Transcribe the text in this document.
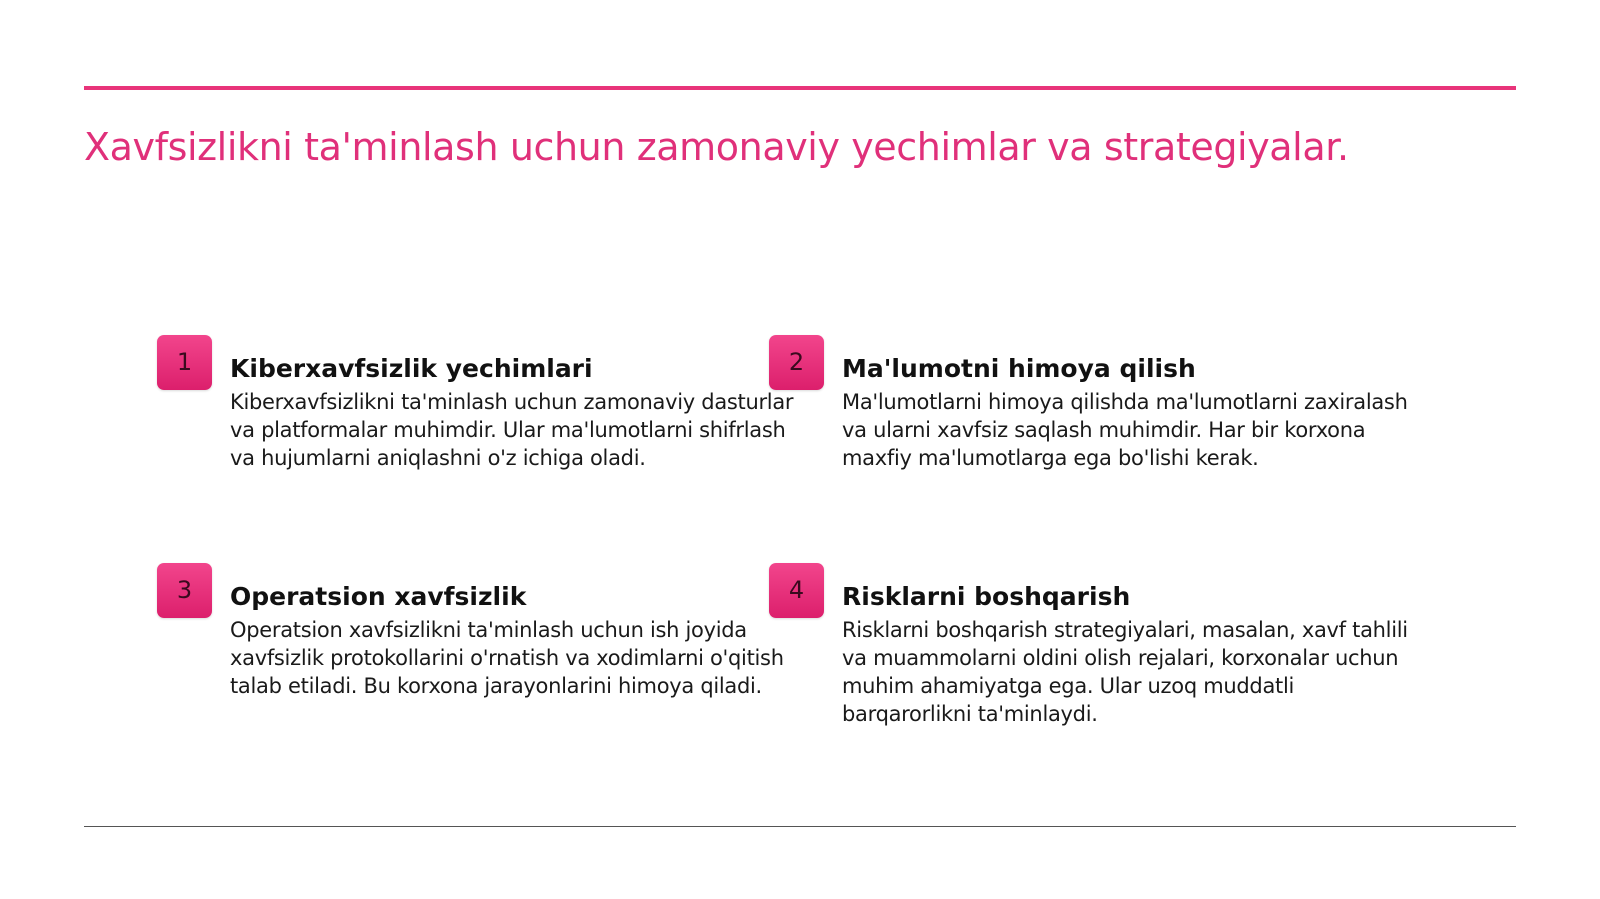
Xavfsizlikni ta'minlash uchun zamonaviy yechimlar va strategiyalar.
1	Kiberxavfsizlik yechimlari

Kiberxavfsizlikni ta'minlash uchun zamonaviy dasturlar va platformalar muhimdir. Ular ma'lumotlarni shifrlash va hujumlarni aniqlashni o'z ichiga oladi.

2	Ma'lumotni himoya qilish

Ma'lumotlarni himoya qilishda ma'lumotlarni zaxiralash va ularni xavfsiz saqlash muhimdir. Har bir korxona maxfiy ma'lumotlarga ega bo'lishi kerak.

3	Operatsion xavfsizlik

Operatsion xavfsizlikni ta'minlash uchun ish joyida xavfsizlik protokollarini o'rnatish va xodimlarni o'qitish talab etiladi. Bu korxona jarayonlarini himoya qiladi.

4	Risklarni boshqarish

Risklarni boshqarish strategiyalari, masalan, xavf tahlili va muammolarni oldini olish rejalari, korxonalar uchun muhim ahamiyatga ega. Ular uzoq muddatli barqarorlikni ta'minlaydi.
